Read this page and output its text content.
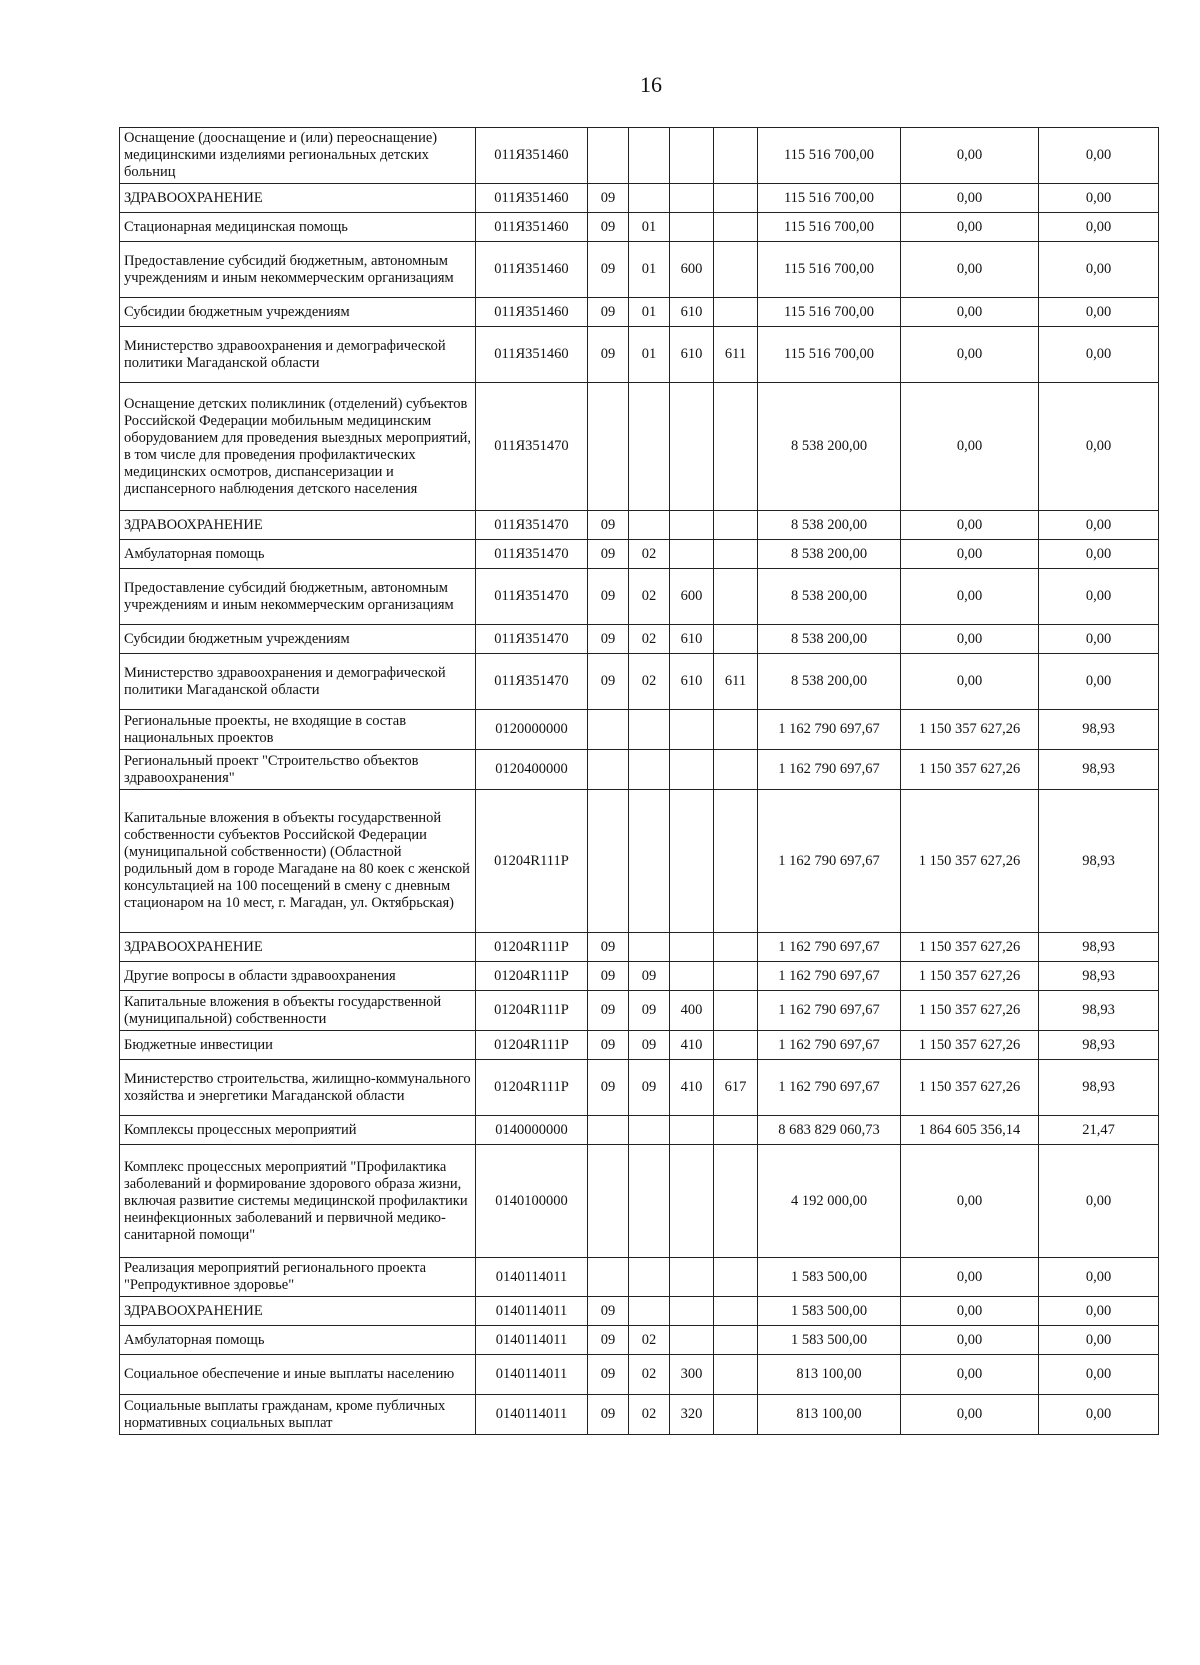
16
Оснащение (дооснащение и (или) переоснащение) медицинскими изделиями региональных детских больниц	011Я351460					115 516 700,00	0,00	0,00
ЗДРАВООХРАНЕНИЕ	011Я351460	09				115 516 700,00	0,00	0,00
Стационарная медицинская помощь	011Я351460	09	01			115 516 700,00	0,00	0,00
Предоставление субсидий бюджетным, автономным учреждениям и иным некоммерческим организациям	011Я351460	09	01	600		115 516 700,00	0,00	0,00
Субсидии бюджетным учреждениям	011Я351460	09	01	610		115 516 700,00	0,00	0,00
Министерство здравоохранения и демографической политики Магаданской области	011Я351460	09	01	610	611	115 516 700,00	0,00	0,00
Оснащение детских поликлиник (отделений) субъектов Российской Федерации мобильным медицинским оборудованием для проведения выездных мероприятий, в том числе для проведения профилактических медицинских осмотров, диспансеризации и диспансерного наблюдения детского населения	011Я351470					8 538 200,00	0,00	0,00
ЗДРАВООХРАНЕНИЕ	011Я351470	09				8 538 200,00	0,00	0,00
Амбулаторная помощь	011Я351470	09	02			8 538 200,00	0,00	0,00
Предоставление субсидий бюджетным, автономным учреждениям и иным некоммерческим организациям	011Я351470	09	02	600		8 538 200,00	0,00	0,00
Субсидии бюджетным учреждениям	011Я351470	09	02	610		8 538 200,00	0,00	0,00
Министерство здравоохранения и демографической политики Магаданской области	011Я351470	09	02	610	611	8 538 200,00	0,00	0,00
Региональные проекты, не входящие в состав национальных проектов	0120000000					1 162 790 697,67	1 150 357 627,26	98,93
Региональный проект "Строительство объектов здравоохранения"	0120400000					1 162 790 697,67	1 150 357 627,26	98,93
Капитальные вложения в объекты государственной собственности субъектов Российской Федерации (муниципальной собственности) (Областной родильный дом в городе Магадане на 80 коек с женской консультацией на 100 посещений в смену с дневным стационаром на 10 мест, г. Магадан, ул. Октябрьская)	01204R111P					1 162 790 697,67	1 150 357 627,26	98,93
ЗДРАВООХРАНЕНИЕ	01204R111P	09				1 162 790 697,67	1 150 357 627,26	98,93
Другие вопросы в области здравоохранения	01204R111P	09	09			1 162 790 697,67	1 150 357 627,26	98,93
Капитальные вложения в объекты государственной (муниципальной) собственности	01204R111P	09	09	400		1 162 790 697,67	1 150 357 627,26	98,93
Бюджетные инвестиции	01204R111P	09	09	410		1 162 790 697,67	1 150 357 627,26	98,93
Министерство строительства, жилищно-коммунального хозяйства и энергетики Магаданской области	01204R111P	09	09	410	617	1 162 790 697,67	1 150 357 627,26	98,93
Комплексы процессных мероприятий	0140000000					8 683 829 060,73	1 864 605 356,14	21,47
Комплекс процессных мероприятий "Профилактика заболеваний и формирование здорового образа жизни, включая развитие системы медицинской профилактики неинфекционных заболеваний и первичной медико-санитарной помощи"	0140100000					4 192 000,00	0,00	0,00
Реализация мероприятий регионального проекта "Репродуктивное здоровье"	0140114011					1 583 500,00	0,00	0,00
ЗДРАВООХРАНЕНИЕ	0140114011	09				1 583 500,00	0,00	0,00
Амбулаторная помощь	0140114011	09	02			1 583 500,00	0,00	0,00
Социальное обеспечение и иные выплаты населению	0140114011	09	02	300		813 100,00	0,00	0,00
Социальные выплаты гражданам, кроме публичных нормативных социальных выплат	0140114011	09	02	320		813 100,00	0,00	0,00
